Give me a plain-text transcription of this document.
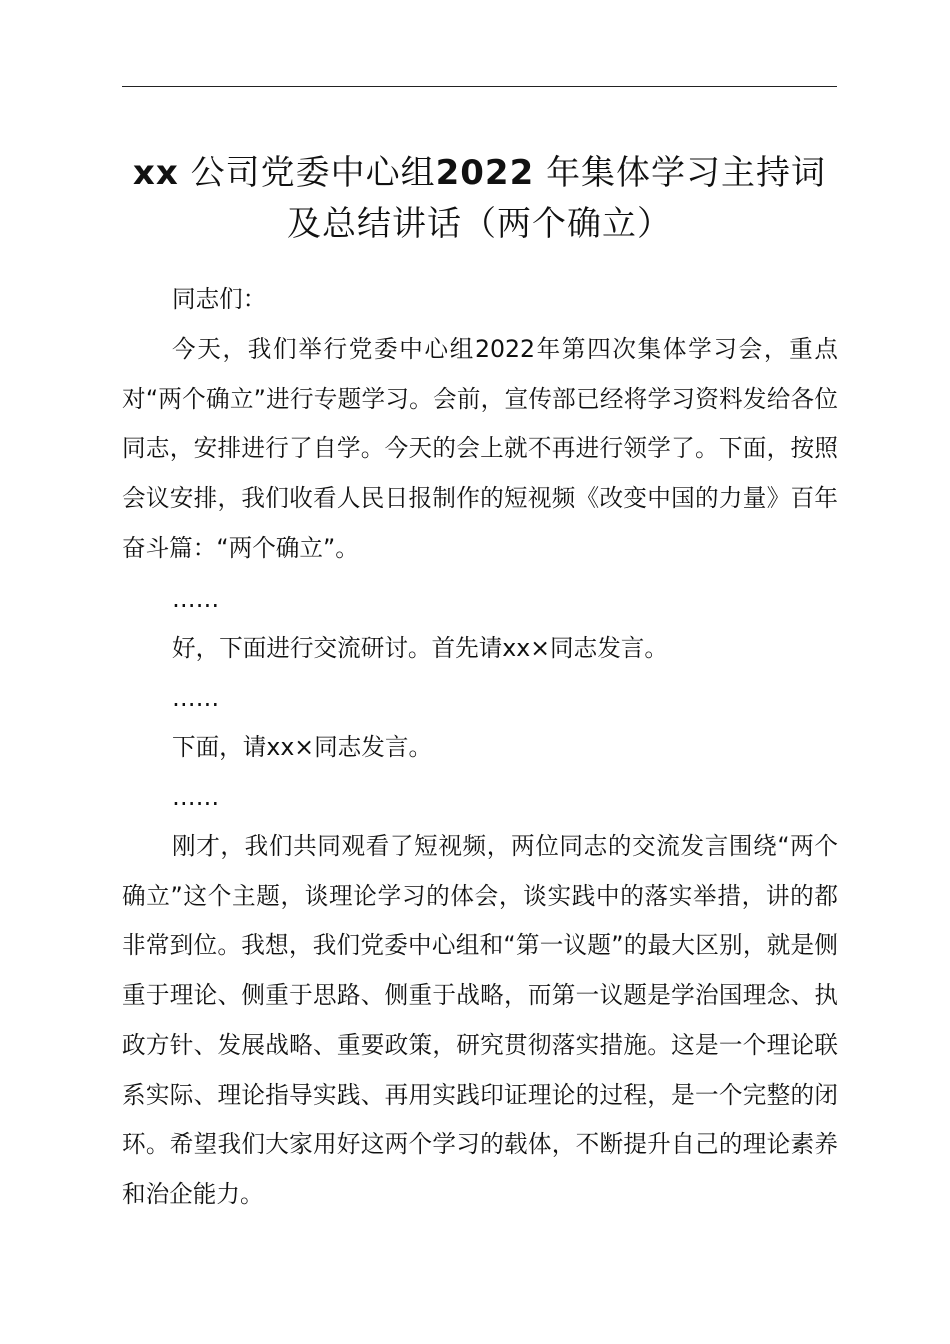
xx 公司党委中心组2022 年集体学习主持词
及总结讲话（两个确立）

同志们：

今天，我们举行党委中心组2022年第四次集体学习会，重点对“两个确立”进行专题学习。会前，宣传部已经将学习资料发给各位同志，安排进行了自学。今天的会上就不再进行领学了。下面，按照会议安排，我们收看人民日报制作的短视频《改变中国的力量》百年奋斗篇：“两个确立”。

……

好，下面进行交流研讨。首先请xx×同志发言。

……

下面，请xx×同志发言。

……

刚才，我们共同观看了短视频，两位同志的交流发言围绕“两个确立”这个主题，谈理论学习的体会，谈实践中的落实举措，讲的都非常到位。我想，我们党委中心组和“第一议题”的最大区别，就是侧重于理论、侧重于思路、侧重于战略，而第一议题是学治国理念、执政方针、发展战略、重要政策，研究贯彻落实措施。这是一个理论联系实际、理论指导实践、再用实践印证理论的过程，是一个完整的闭环。希望我们大家用好这两个学习的载体，不断提升自己的理论素养和治企能力。
